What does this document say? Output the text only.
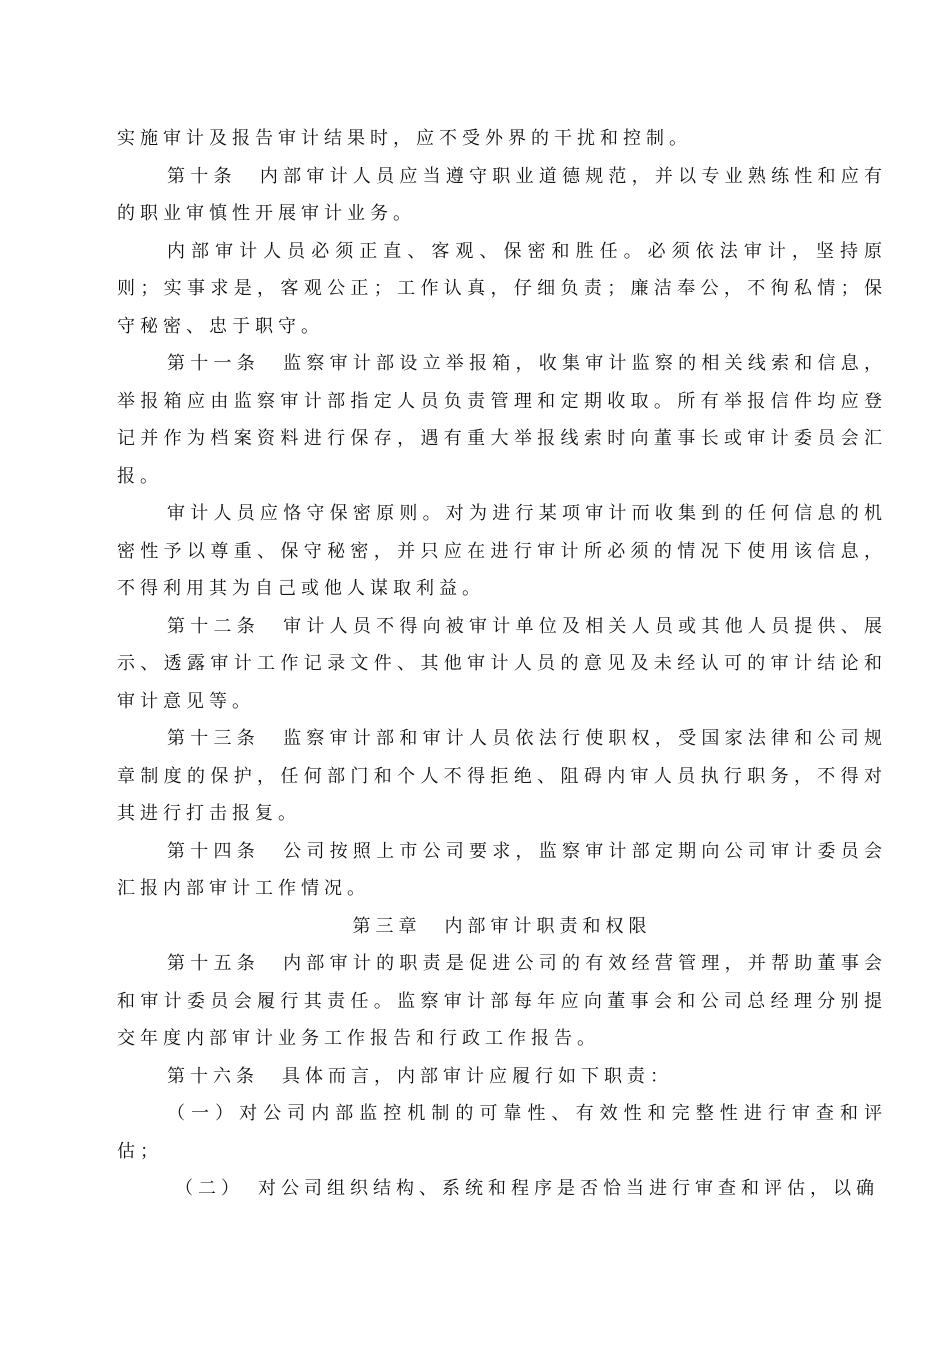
实施审计及报告审计结果时，应不受外界的干扰和控制。

第十条　内部审计人员应当遵守职业道德规范，并以专业熟练性和应有的职业审慎性开展审计业务。

内部审计人员必须正直、客观、保密和胜任。必须依法审计，坚持原则；实事求是，客观公正；工作认真，仔细负责；廉洁奉公，不徇私情；保守秘密、忠于职守。

第十一条　监察审计部设立举报箱，收集审计监察的相关线索和信息，举报箱应由监察审计部指定人员负责管理和定期收取。所有举报信件均应登记并作为档案资料进行保存，遇有重大举报线索时向董事长或审计委员会汇报。

审计人员应恪守保密原则。对为进行某项审计而收集到的任何信息的机密性予以尊重、保守秘密，并只应在进行审计所必须的情况下使用该信息，不得利用其为自己或他人谋取利益。

第十二条　审计人员不得向被审计单位及相关人员或其他人员提供、展示、透露审计工作记录文件、其他审计人员的意见及未经认可的审计结论和审计意见等。

第十三条　监察审计部和审计人员依法行使职权，受国家法律和公司规章制度的保护，任何部门和个人不得拒绝、阻碍内审人员执行职务，不得对其进行打击报复。

第十四条　公司按照上市公司要求，监察审计部定期向公司审计委员会汇报内部审计工作情况。

第三章　内部审计职责和权限

第十五条　内部审计的职责是促进公司的有效经营管理，并帮助董事会和审计委员会履行其责任。监察审计部每年应向董事会和公司总经理分别提交年度内部审计业务工作报告和行政工作报告。

第十六条　具体而言，内部审计应履行如下职责：

（一）对公司内部监控机制的可靠性、有效性和完整性进行审查和评估；

（二）　对公司组织结构、系统和程序是否恰当进行审查和评估，以确
